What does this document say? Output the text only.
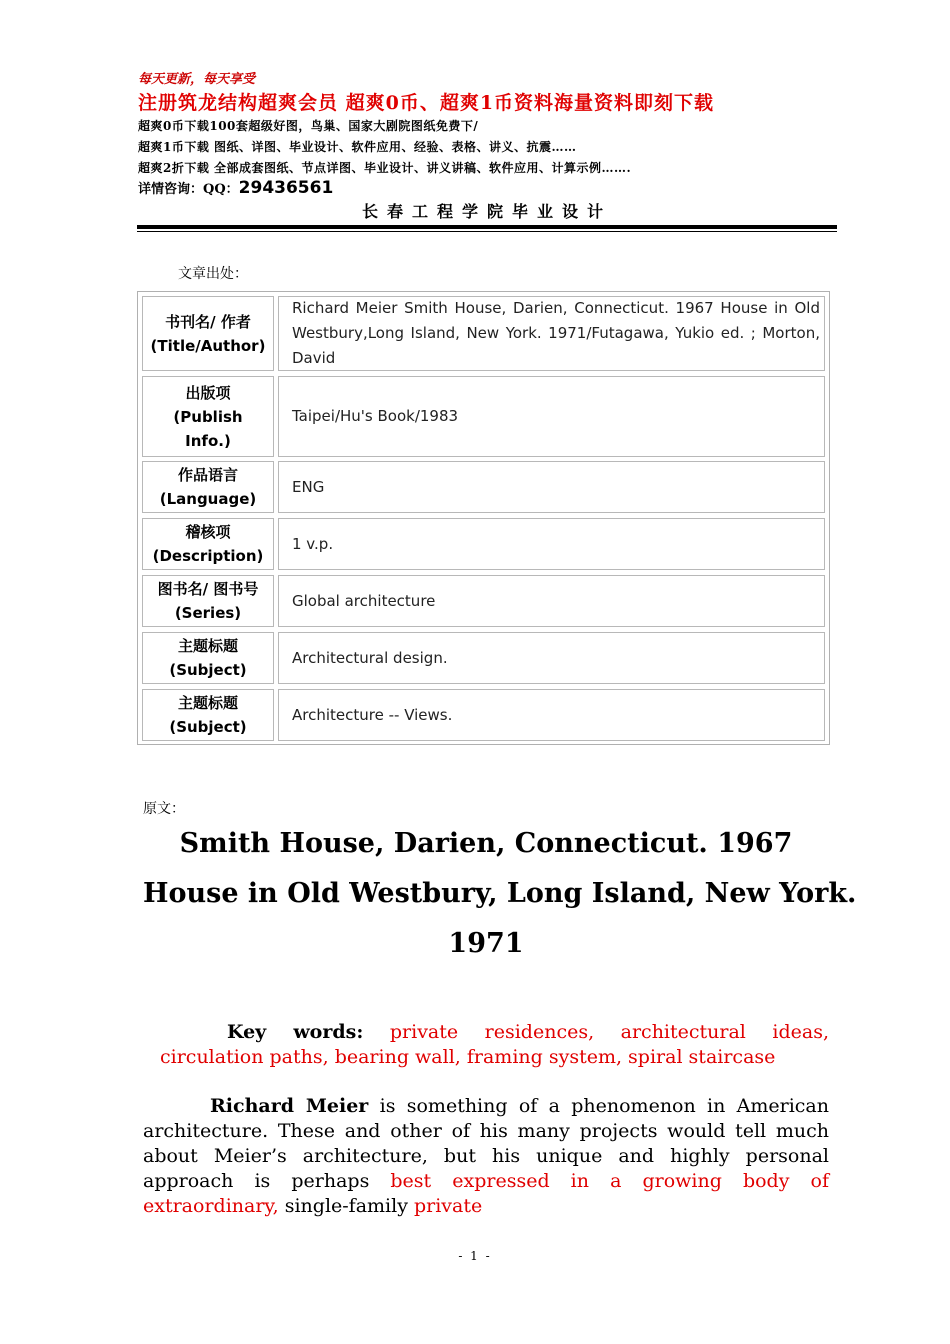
每天更新，每天享受
注册筑龙结构超爽会员 超爽0币、超爽1币资料海量资料即刻下载
超爽0币下载100套超级好图，鸟巢、国家大剧院图纸免费下/
超爽1币下载 图纸、详图、毕业设计、软件应用、经验、表格、讲义、抗震……
超爽2折下载 全部成套图纸、节点详图、毕业设计、讲义讲稿、软件应用、计算示例…….
详情咨询：QQ：29436561
长春工程学院毕业设计
文章出处：
书刊名/ 作者
(Title/Author)
Richard Meier Smith House, Darien, Connecticut. 1967 House in Old Westbury,Long Island, New York. 1971/Futagawa, Yukio ed. ; Morton, David
出版项
(Publish Info.)
Taipei/Hu's Book/1983
作品语言
(Language)
ENG
稽核项
(Description)
1 v.p.
图书名/ 图书号
(Series)
Global architecture
主题标题
(Subject)
Architectural design.
主题标题
(Subject)
Architecture -- Views.
原文：
Smith House, Darien, Connecticut. 1967
House in Old Westbury, Long Island, New York.
1971
Key words: private residences, architectural ideas, circulation paths, bearing wall, framing system, spiral staircase
Richard Meier is something of a phenomenon in American architecture. These and other of his many projects would tell much about Meier’s architecture, but his unique and highly personal approach is perhaps best expressed in a growing body of extraordinary, single-family private
- 1 -
